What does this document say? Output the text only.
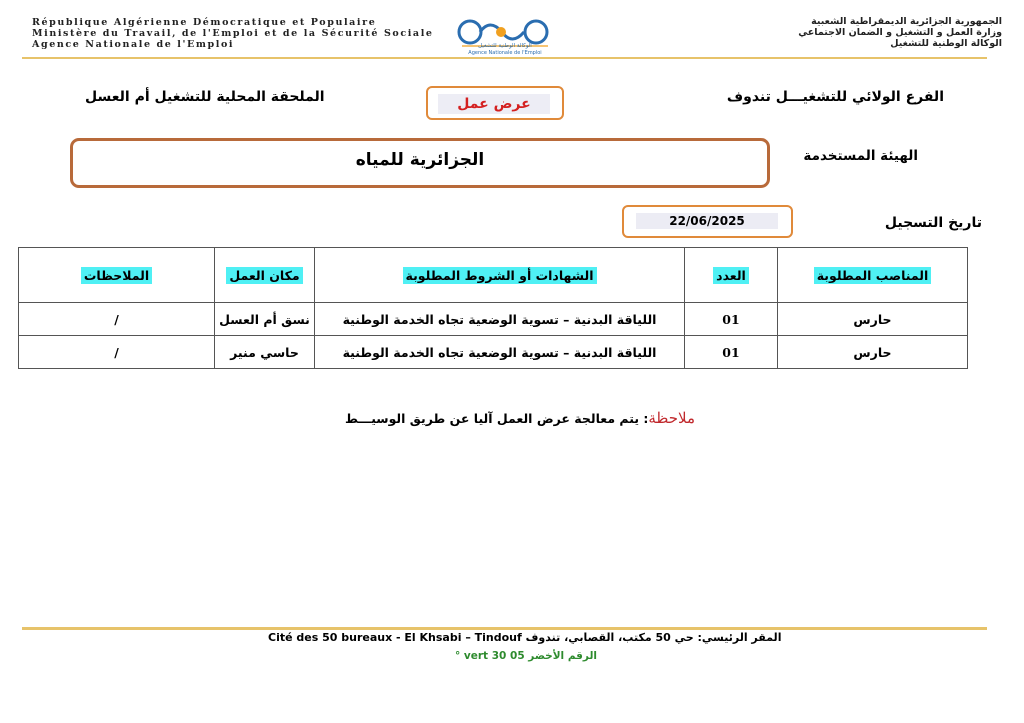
République Algérienne Démocratique et Populaire
Ministère du Travail, de l'Emploi et de la Sécurité Sociale
Agence Nationale de l'Emploi
الجمهورية الجزائرية الديمقراطية الشعبية
وزارة العمل و التشغيل و الضمان الاجتماعي
الوكالة الوطنية للتشغيل
الوكالة الوطنية للتشغيل
Agence Nationale de l'Emploi
الفرع الولائي للتشغيـــل تندوف
عرض عمل
الملحقة المحلية للتشغيل أم العسل
الهيئة المستخدمة
الجزائرية للمياه
تاريخ التسجيل
22/06/2025
المناصب المطلوبة	العدد	الشهادات أو الشروط المطلوبة	مكان العمل	الملاحظات
حارس	01	اللياقة البدنية – تسوية الوضعية تجاه الخدمة الوطنية	نسق أم العسل	/
حارس	01	اللياقة البدنية – تسوية الوضعية تجاه الخدمة الوطنية	حاسي منير	/
ملاحظة: يتم معالجة عرض العمل آليا عن طريق الوسيـــط
Cité des 50 bureaux - El Khsabi – Tindouf المقر الرئيسي: حي 50 مكتب، القصابي، تندوف
الرقم الأخضر 05 30 vert °
